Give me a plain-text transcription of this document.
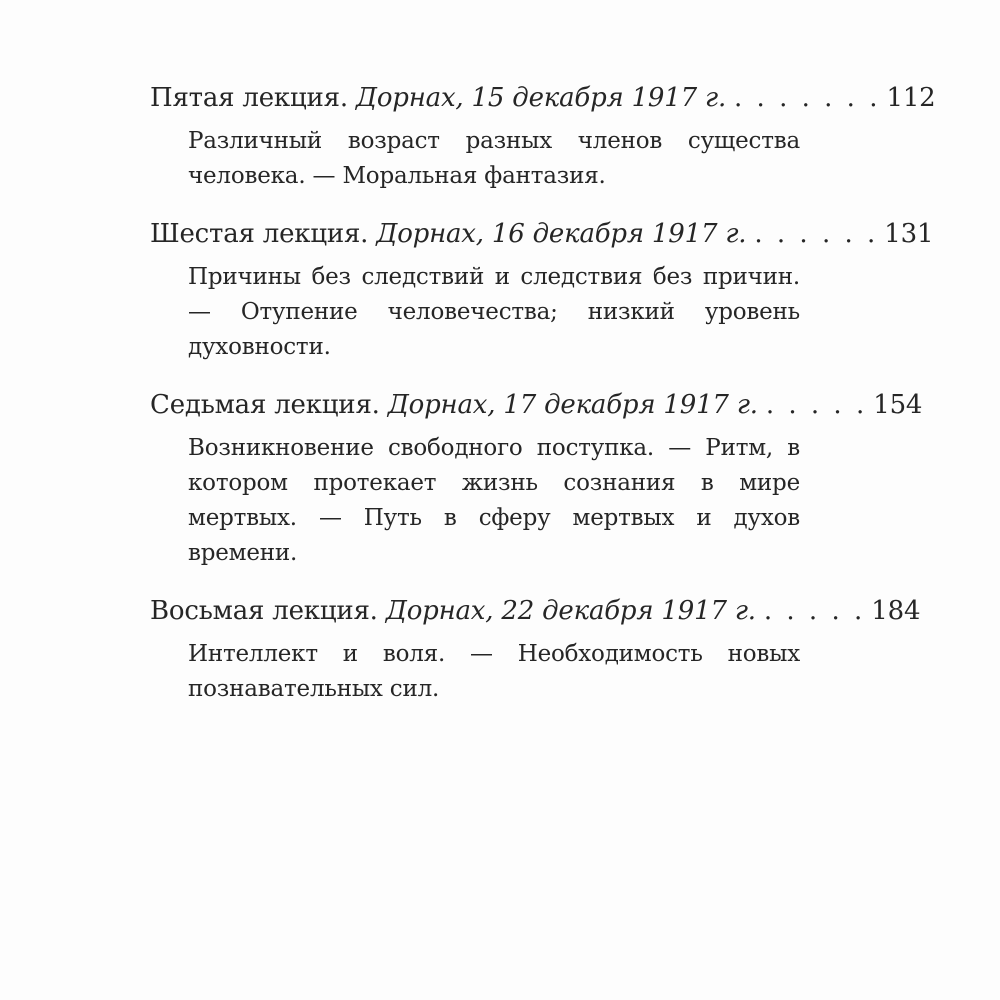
Пятая лекция. Дорнах, 15 декабря 1917 г. . . . . . . . 112
Различный возраст разных членов существа человека. — Моральная фантазия.
Шестая лекция. Дорнах, 16 декабря 1917 г. . . . . . . 131
Причины без следствий и следствия без причин. — Отупение человечества; низкий уровень духовности.
Седьмая лекция. Дорнах, 17 декабря 1917 г. . . . . . 154
Возникновение свободного поступка. — Ритм, в котором протекает жизнь сознания в мире мертвых. — Путь в сферу мертвых и духов времени.
Восьмая лекция. Дорнах, 22 декабря 1917 г. . . . . . 184
Интеллект и воля. — Необходимость новых познавательных сил.
